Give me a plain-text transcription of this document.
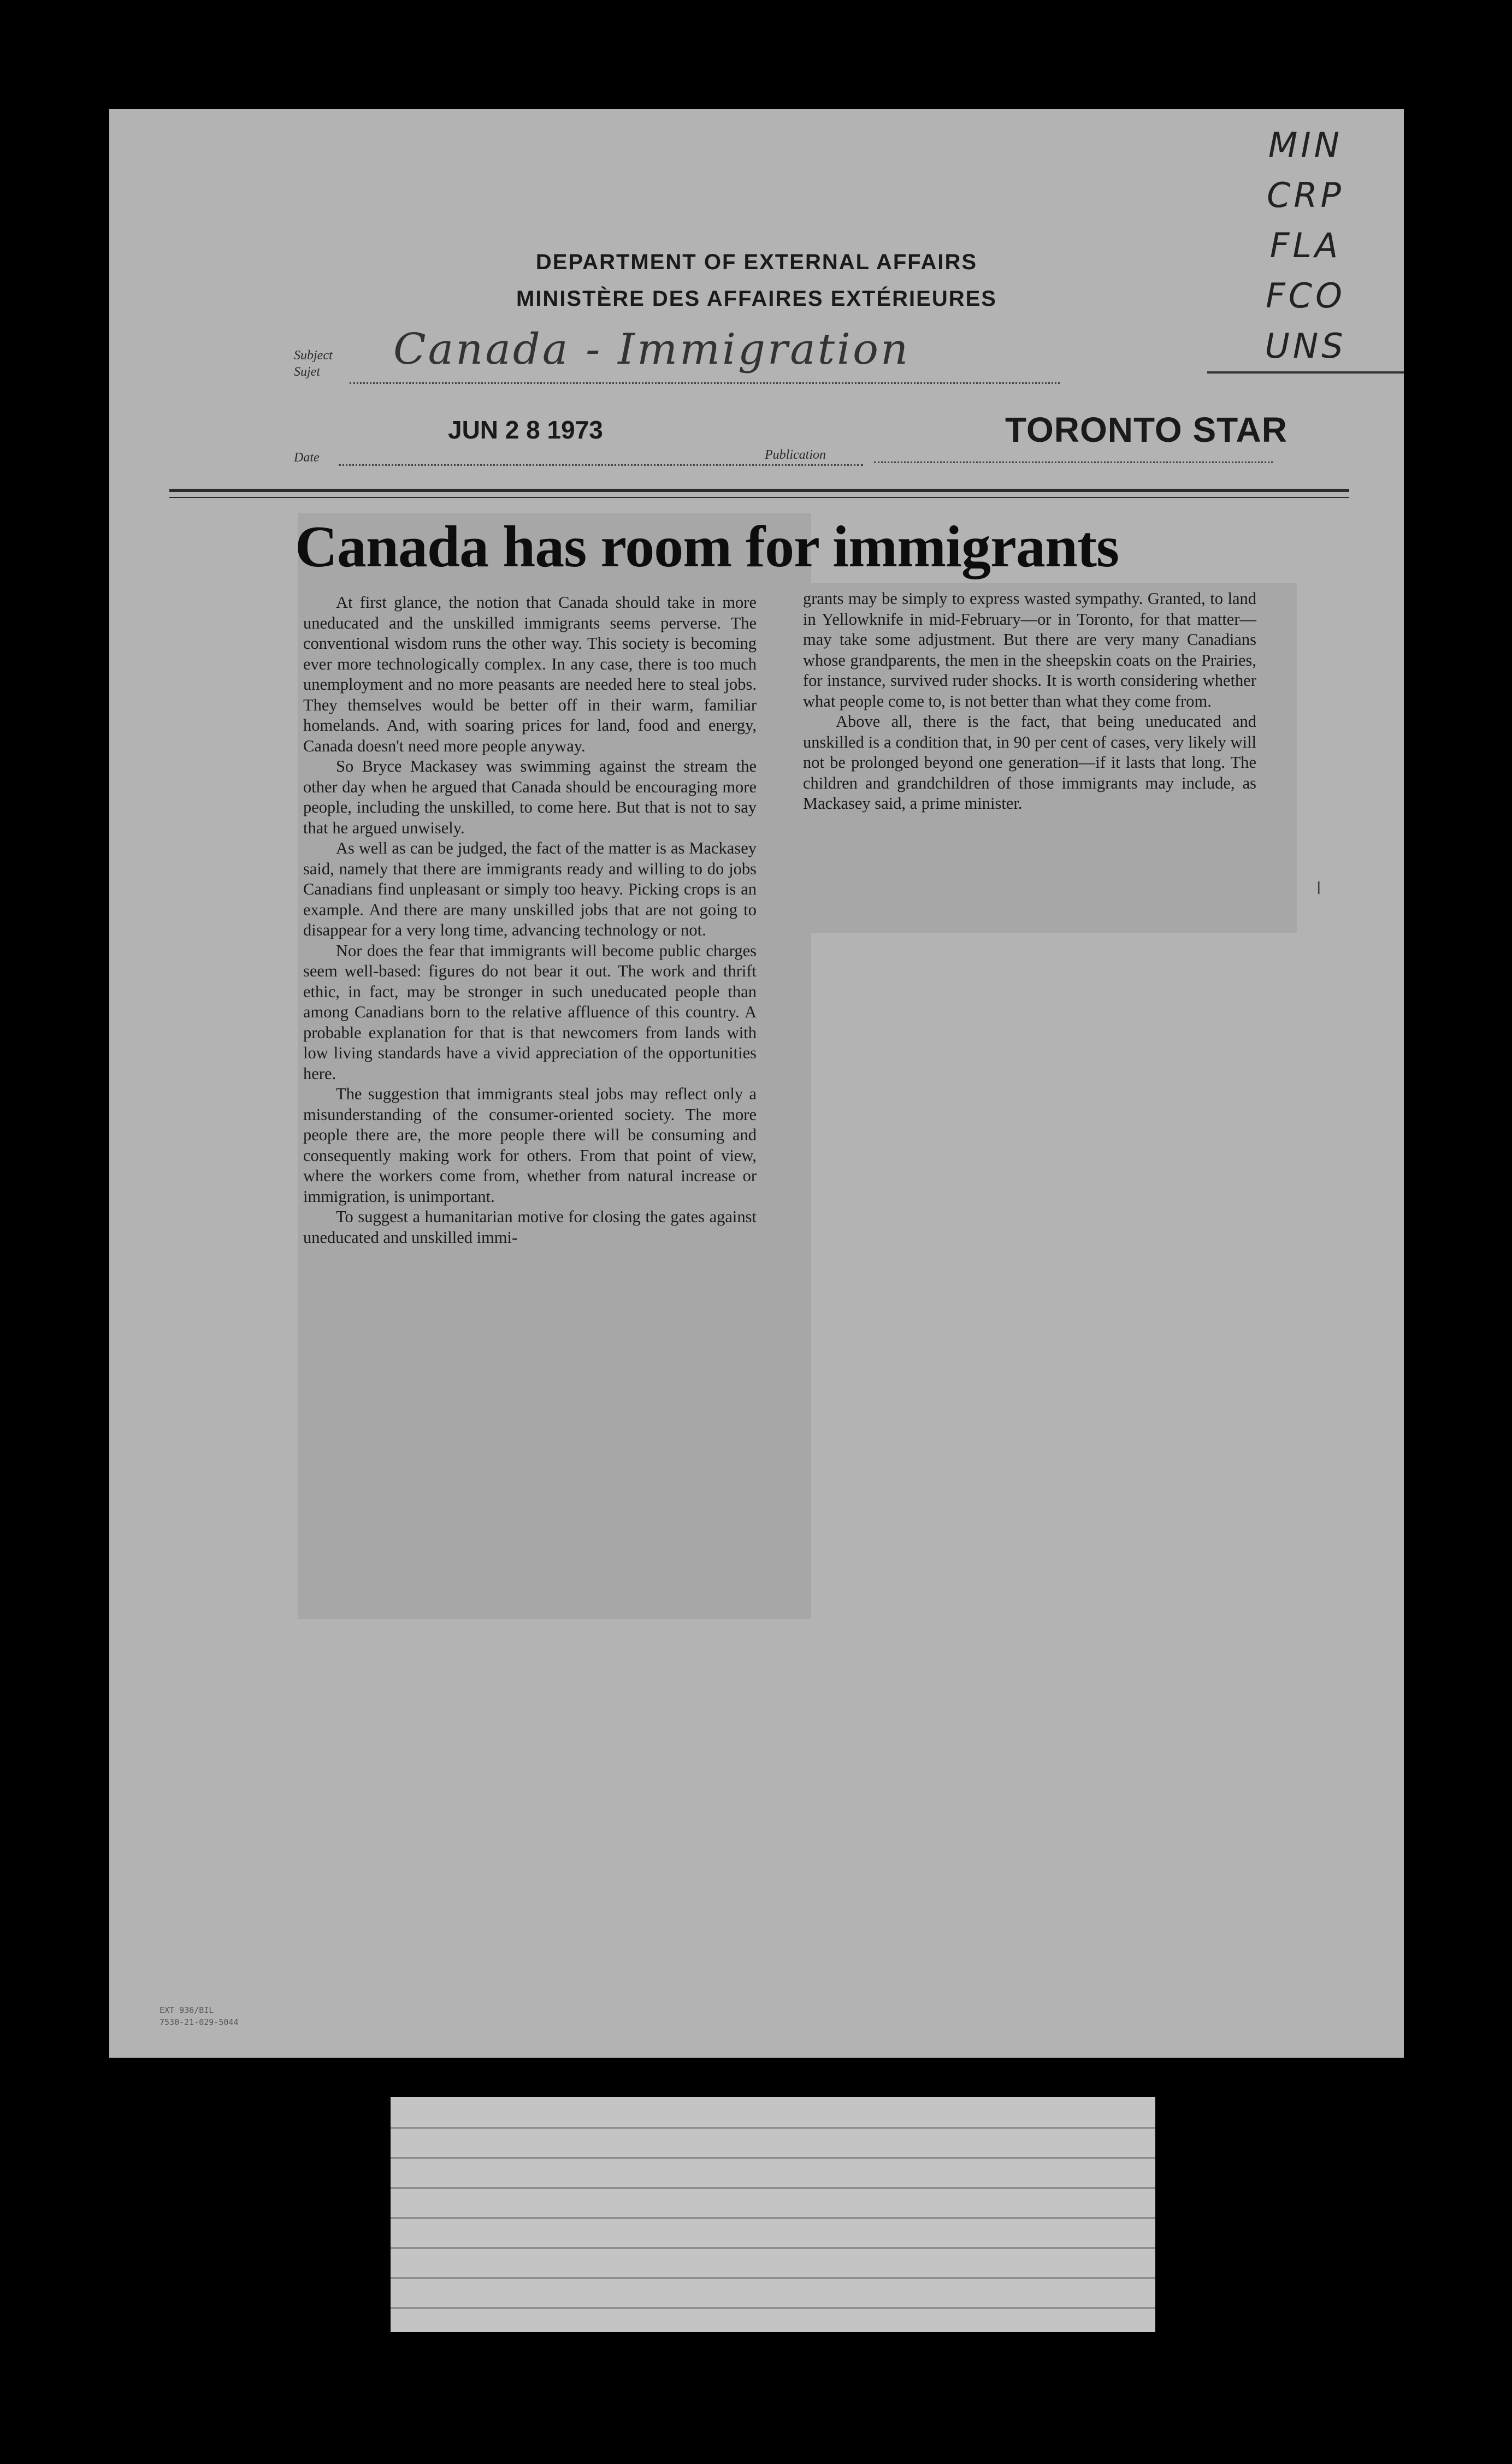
MIN
CRP
FLA
FCO
UNS
DEPARTMENT OF EXTERNAL AFFAIRS
MINISTÈRE DES AFFAIRES EXTÉRIEURES
Subject
Sujet Canada - Immigration
Date
JUN 2 8 1973
Publication
TORONTO STAR
Canada has room for immigrants

At first glance, the notion that Canada should take in more uneducated and the unskilled immigrants seems perverse. The conventional wisdom runs the other way. This society is becoming ever more technologically complex. In any case, there is too much unemployment and no more peasants are needed here to steal jobs. They themselves would be better off in their warm, familiar homelands. And, with soaring prices for land, food and energy, Canada doesn't need more people anyway.

So Bryce Mackasey was swimming against the stream the other day when he argued that Canada should be encouraging more people, including the unskilled, to come here. But that is not to say that he argued unwisely.

As well as can be judged, the fact of the matter is as Mackasey said, namely that there are immigrants ready and willing to do jobs Canadians find unpleasant or simply too heavy. Picking crops is an example. And there are many unskilled jobs that are not going to disappear for a very long time, advancing technology or not.

Nor does the fear that immigrants will become public charges seem well-based: figures do not bear it out. The work and thrift ethic, in fact, may be stronger in such uneducated people than among Canadians born to the relative affluence of this country. A probable explanation for that is that newcomers from lands with low living standards have a vivid appreciation of the opportunities here.

The suggestion that immigrants steal jobs may reflect only a misunderstanding of the consumer-oriented society. The more people there are, the more people there will be consuming and consequently making work for others. From that point of view, where the workers come from, whether from natural increase or immigration, is unimportant.

To suggest a humanitarian motive for closing the gates against uneducated and unskilled immi-

grants may be simply to express wasted sympathy. Granted, to land in Yellowknife in mid-February—or in Toronto, for that matter—may take some adjustment. But there are very many Canadians whose grandparents, the men in the sheepskin coats on the Prairies, for instance, survived ruder shocks. It is worth considering whether what people come to, is not better than what they come from.

Above all, there is the fact, that being uneducated and unskilled is a condition that, in 90 per cent of cases, very likely will not be prolonged beyond one generation—if it lasts that long. The children and grandchildren of those immigrants may include, as Mackasey said, a prime minister.

ⅼ
EXT 936/BIL
7530-21-029-5044
